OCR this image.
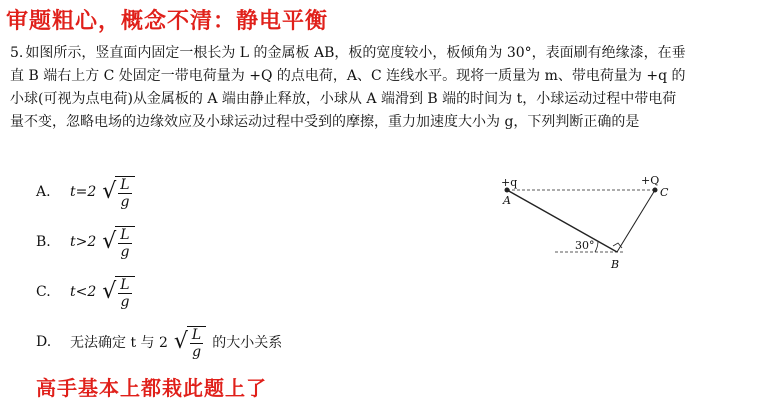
审题粗心，概念不清：静电平衡
5. 如图所示，竖直面内固定一根长为 L 的金属板 AB，板的宽度较小，板倾角为 30°，表面刷有绝缘漆，在垂直 B 端右上方 C 处固定一带电荷量为 +Q 的点电荷，A、C 连线水平。现将一质量为 m、带电荷量为 +q 的小球(可视为点电荷)从金属板的 A 端由静止释放，小球从 A 端滑到 B 端的时间为 t，小球运动过程中带电荷量不变，忽略电场的边缘效应及小球运动过程中受到的摩擦，重力加速度大小为 g，下列判断正确的是
A.	t=2 √ $\frac{L}{g}$
B.	t>2 √ $\frac{L}{g}$
C.	t<2 √ $\frac{L}{g}$
D.	无法确定 t 与 2 √ $\frac{L}{g}$ 的大小关系
+q
A
+Q
C
B
30°
高手基本上都栽此题上了
